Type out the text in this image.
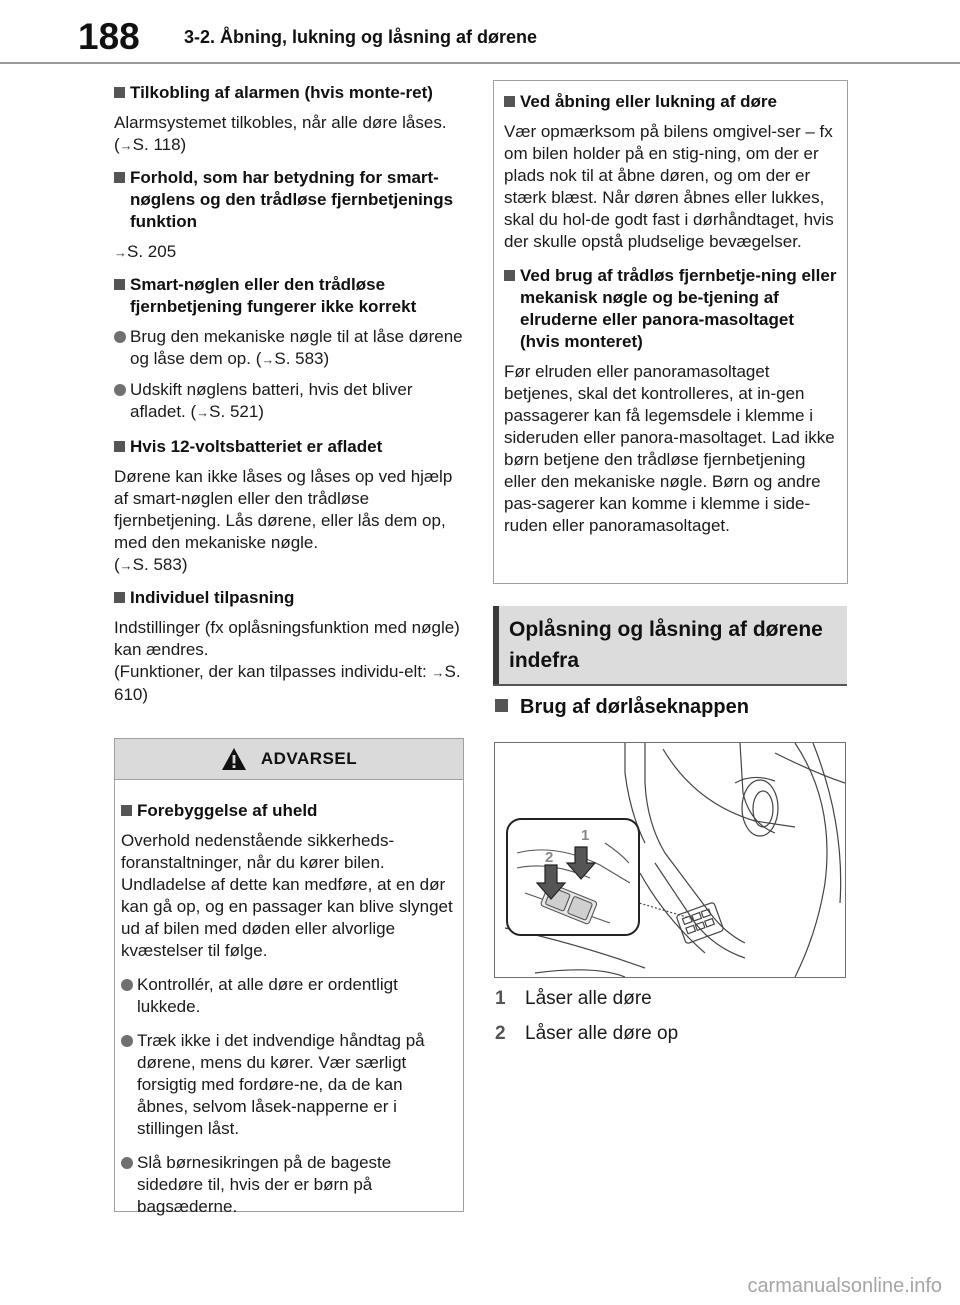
188 3-2. Åbning, lukning og låsning af dørene
Tilkobling af alarmen (hvis monte-ret)
Alarmsystemet tilkobles, når alle døre låses. (→S. 118)
Forhold, som har betydning for smart-nøglens og den trådløse fjernbetjenings funktion
→S. 205
Smart-nøglen eller den trådløse fjernbetjening fungerer ikke korrekt
Brug den mekaniske nøgle til at låse dørene og låse dem op. (→S. 583)
Udskift nøglens batteri, hvis det bliver afladet. (→S. 521)
Hvis 12-voltsbatteriet er afladet
Dørene kan ikke låses og låses op ved hjælp af smart-nøglen eller den trådløse fjernbetjening. Lås dørene, eller lås dem op, med den mekaniske nøgle.
(→S. 583)
Individuel tilpasning
Indstillinger (fx oplåsningsfunktion med nøgle) kan ændres.
(Funktioner, der kan tilpasses individu-elt: →S. 610)
ADVARSEL
Forebyggelse af uheld
Overhold nedenstående sikkerheds-foranstaltninger, når du kører bilen. Undladelse af dette kan medføre, at en dør kan gå op, og en passager kan blive slynget ud af bilen med døden eller alvorlige kvæstelser til følge.
Kontrollér, at alle døre er ordentligt lukkede.
Træk ikke i det indvendige håndtag på dørene, mens du kører. Vær særligt forsigtig med fordøre-ne, da de kan åbnes, selvom låsek-napperne er i stillingen låst.
Slå børnesikringen på de bageste sidedøre til, hvis der er børn på bagsæderne.
Ved åbning eller lukning af døre
Vær opmærksom på bilens omgivel-ser – fx om bilen holder på en stig-ning, om der er plads nok til at åbne døren, og om der er stærk blæst. Når døren åbnes eller lukkes, skal du hol-de godt fast i dørhåndtaget, hvis der skulle opstå pludselige bevægelser.
Ved brug af trådløs fjernbetje-ning eller mekanisk nøgle og be-tjening af elruderne eller panora-masoltaget (hvis monteret)
Før elruden eller panoramasoltaget betjenes, skal det kontrolleres, at in-gen passagerer kan få legemsdele i klemme i sideruden eller panora-masoltaget. Lad ikke børn betjene den trådløse fjernbetjening eller den mekaniske nøgle. Børn og andre pas-sagerer kan komme i klemme i side-ruden eller panoramasoltaget.
Oplåsning og låsning af dørene indefra
Brug af dørlåseknappen
1
2
1 Låser alle døre
2 Låser alle døre op
carmanualsonline.info
